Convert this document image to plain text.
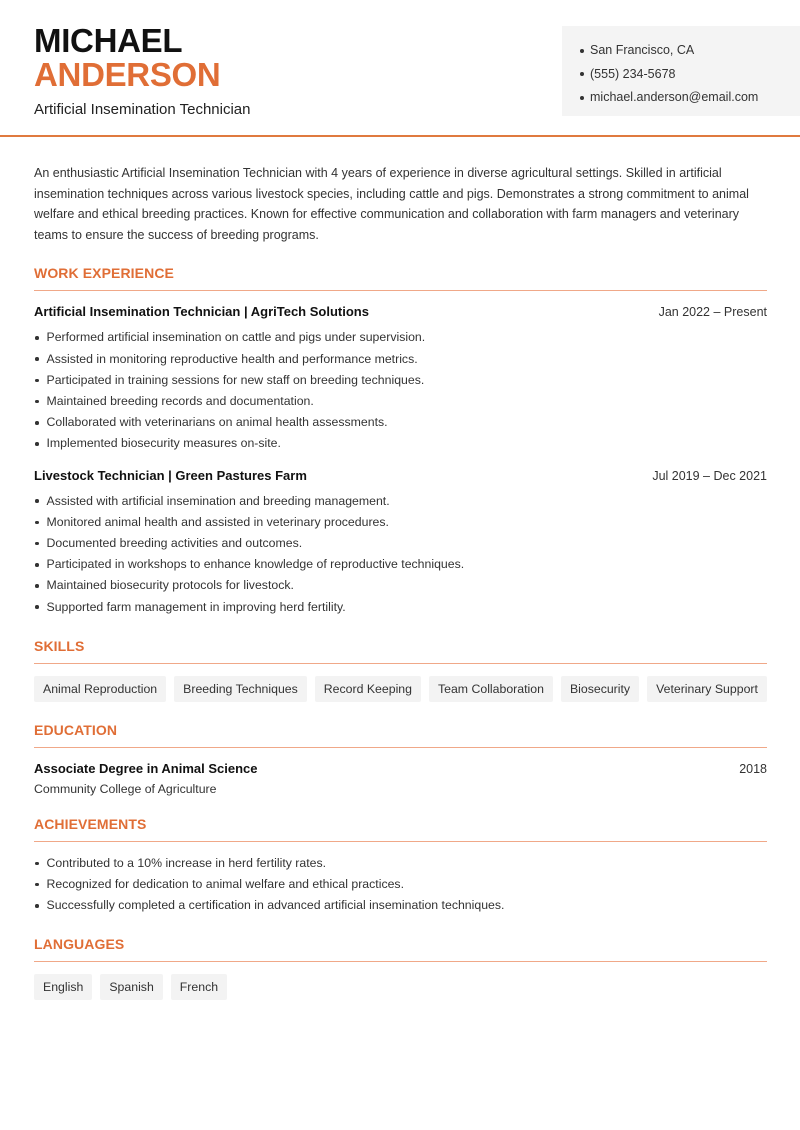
MICHAEL
ANDERSON
Artificial Insemination Technician
San Francisco, CA
(555) 234-5678
michael.anderson@email.com

An enthusiastic Artificial Insemination Technician with 4 years of experience in diverse agricultural settings. Skilled in artificial insemination techniques across various livestock species, including cattle and pigs. Demonstrates a strong commitment to animal welfare and ethical breeding practices. Known for effective communication and collaboration with farm managers and veterinary teams to ensure the success of breeding programs.

WORK EXPERIENCE
Artificial Insemination Technician | AgriTech Solutions	Jan 2022 – Present
Performed artificial insemination on cattle and pigs under supervision.
Assisted in monitoring reproductive health and performance metrics.
Participated in training sessions for new staff on breeding techniques.
Maintained breeding records and documentation.
Collaborated with veterinarians on animal health assessments.
Implemented biosecurity measures on-site.
Livestock Technician | Green Pastures Farm	Jul 2019 – Dec 2021
Assisted with artificial insemination and breeding management.
Monitored animal health and assisted in veterinary procedures.
Documented breeding activities and outcomes.
Participated in workshops to enhance knowledge of reproductive techniques.
Maintained biosecurity protocols for livestock.
Supported farm management in improving herd fertility.
SKILLS
Animal Reproduction	Breeding Techniques	Record Keeping	Team Collaboration	Biosecurity	Veterinary Support
EDUCATION
Associate Degree in Animal Science	2018
Community College of Agriculture
ACHIEVEMENTS
Contributed to a 10% increase in herd fertility rates.
Recognized for dedication to animal welfare and ethical practices.
Successfully completed a certification in advanced artificial insemination techniques.
LANGUAGES
English	Spanish	French
